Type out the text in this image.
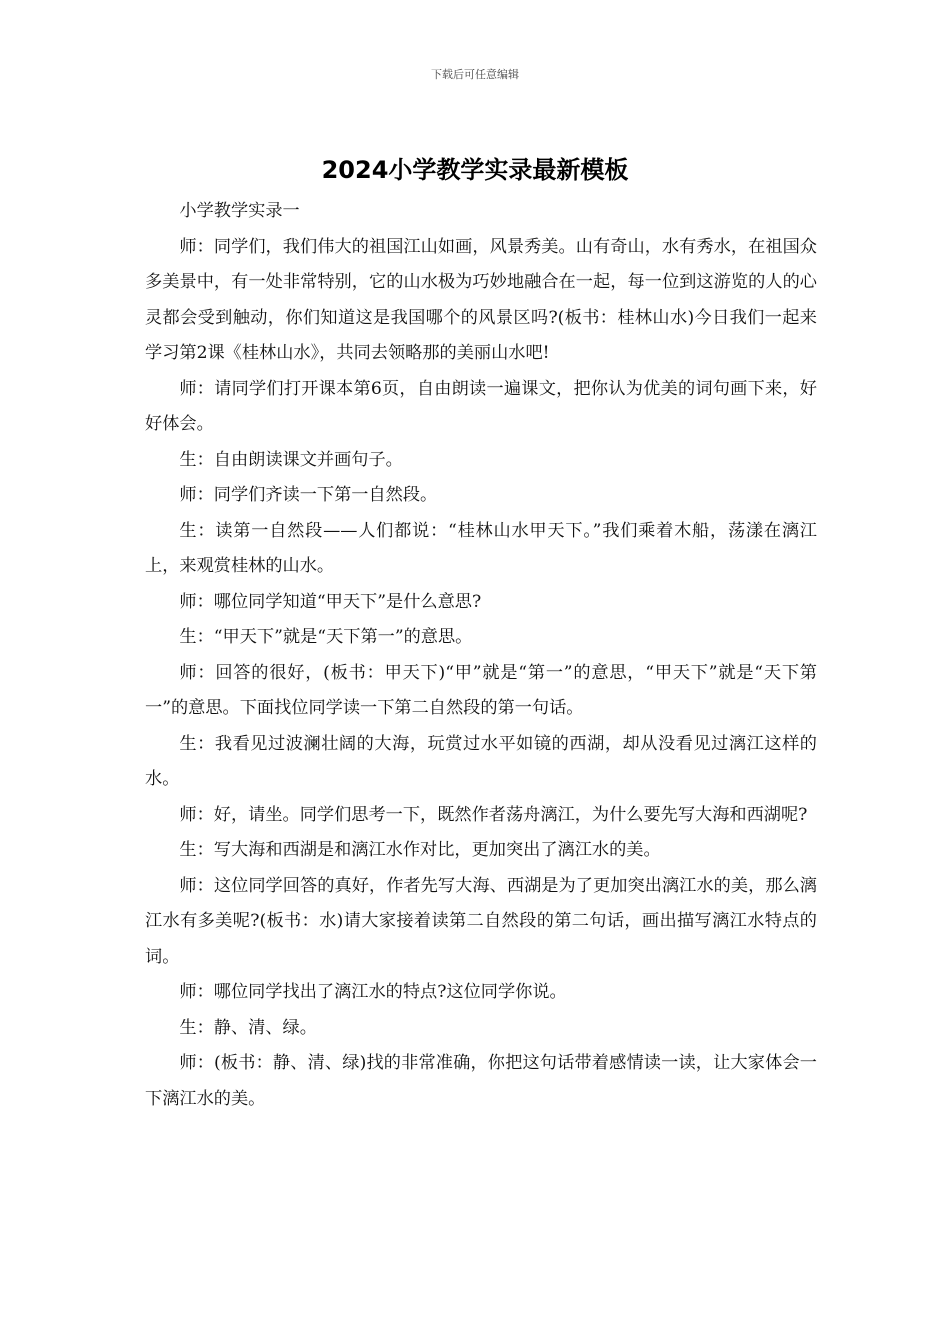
下载后可任意编辑
2024小学教学实录最新模板

小学教学实录一

师：同学们，我们伟大的祖国江山如画，风景秀美。山有奇山，水有秀水，在祖国众多美景中，有一处非常特别，它的山水极为巧妙地融合在一起，每一位到这游览的人的心灵都会受到触动，你们知道这是我国哪个的风景区吗?(板书：桂林山水)今日我们一起来学习第2课《桂林山水》，共同去领略那的美丽山水吧!

师：请同学们打开课本第6页，自由朗读一遍课文，把你认为优美的词句画下来，好好体会。

生：自由朗读课文并画句子。

师：同学们齐读一下第一自然段。

生：读第一自然段——人们都说：“桂林山水甲天下。”我们乘着木船，荡漾在漓江上，来观赏桂林的山水。

师：哪位同学知道“甲天下”是什么意思?

生：“甲天下”就是“天下第一”的意思。

师：回答的很好，(板书：甲天下)“甲”就是“第一”的意思，“甲天下”就是“天下第一”的意思。下面找位同学读一下第二自然段的第一句话。

生：我看见过波澜壮阔的大海，玩赏过水平如镜的西湖，却从没看见过漓江这样的水。

师：好，请坐。同学们思考一下，既然作者荡舟漓江，为什么要先写大海和西湖呢?

生：写大海和西湖是和漓江水作对比，更加突出了漓江水的美。

师：这位同学回答的真好，作者先写大海、西湖是为了更加突出漓江水的美，那么漓江水有多美呢?(板书：水)请大家接着读第二自然段的第二句话，画出描写漓江水特点的词。

师：哪位同学找出了漓江水的特点?这位同学你说。

生：静、清、绿。

师：(板书：静、清、绿)找的非常准确，你把这句话带着感情读一读，让大家体会一下漓江水的美。
